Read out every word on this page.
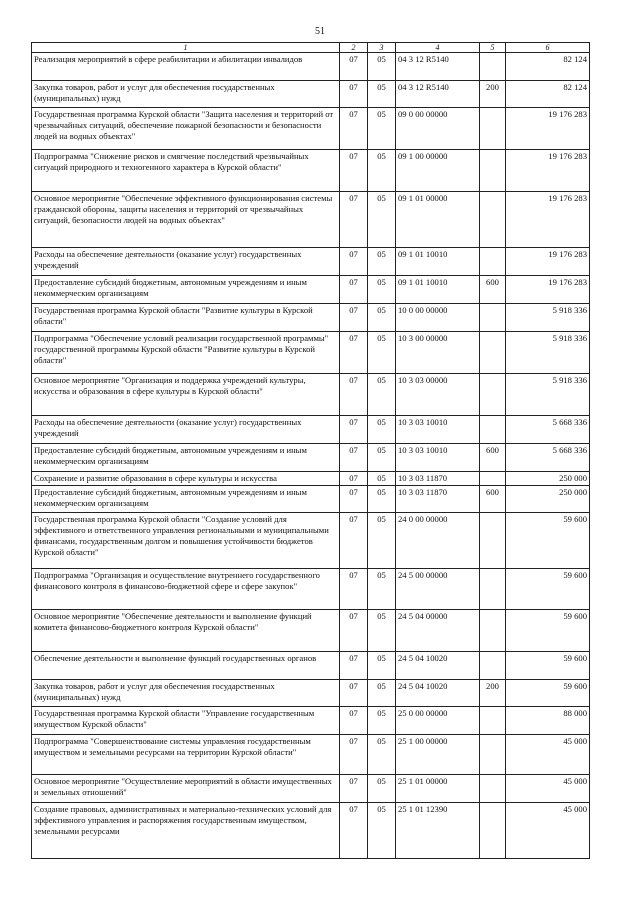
51
1	2	3	4	5	6
Реализация мероприятий в сфере реабилитации и абилитации инвалидов	07	05	04 3 12 R5140		82 124
Закупка товаров, работ и услуг для обеспечения государственных (муниципальных) нужд	07	05	04 3 12 R5140	200	82 124
Государственная программа Курской области "Защита населения и территорий от чрезвычайных ситуаций, обеспечение пожарной безопасности и безопасности людей на водных объектах"	07	05	09 0 00 00000		19 176 283
Подпрограмма "Снижение рисков и смягчение последствий чрезвычайных ситуаций природного и техногенного характера в Курской области"	07	05	09 1 00 00000		19 176 283
Основное мероприятие "Обеспечение эффективного функционирования системы гражданской обороны, защиты населения и территорий от чрезвычайных ситуаций, безопасности людей на водных объектах"	07	05	09 1 01 00000		19 176 283
Расходы на обеспечение деятельности (оказание услуг) государственных учреждений	07	05	09 1 01 10010		19 176 283
Предоставление субсидий бюджетным, автономным учреждениям и иным некоммерческим организациям	07	05	09 1 01 10010	600	19 176 283
Государственная программа Курской области "Развитие культуры в Курской области"	07	05	10 0 00 00000		5 918 336
Подпрограмма "Обеспечение условий реализации государственной программы" государственной программы Курской области "Развитие культуры в Курской области"	07	05	10 3 00 00000		5 918 336
Основное мероприятие "Организация и поддержка учреждений культуры, искусства и образования в сфере культуры в Курской области"	07	05	10 3 03 00000		5 918 336
Расходы на обеспечение деятельности (оказание услуг) государственных учреждений	07	05	10 3 03 10010		5 668 336
Предоставление субсидий бюджетным, автономным учреждениям и иным некоммерческим организациям	07	05	10 3 03 10010	600	5 668 336
Сохранение и развитие образования в сфере культуры и искусства	07	05	10 3 03 11870		250 000
Предоставление субсидий бюджетным, автономным учреждениям и иным некоммерческим организациям	07	05	10 3 03 11870	600	250 000
Государственная программа Курской области "Создание условий для эффективного и ответственного управления региональными и муниципальными финансами, государственным долгом и повышения устойчивости бюджетов Курской области"	07	05	24 0 00 00000		59 600
Подпрограмма "Организация и осуществление внутреннего государственного финансового контроля в финансово-бюджетной сфере и сфере закупок"	07	05	24 5 00 00000		59 600
Основное мероприятие "Обеспечение деятельности и выполнение функций комитета финансово-бюджетного контроля Курской области"	07	05	24 5 04 00000		59 600
Обеспечение деятельности и выполнение функций государственных органов	07	05	24 5 04 10020		59 600
Закупка товаров, работ и услуг для обеспечения государственных (муниципальных) нужд	07	05	24 5 04 10020	200	59 600
Государственная программа Курской области "Управление государственным имуществом Курской области"	07	05	25 0 00 00000		88 000
Подпрограмма "Совершенствование системы управления государственным имуществом и земельными ресурсами на территории Курской области"	07	05	25 1 00 00000		45 000
Основное мероприятие "Осуществление мероприятий в области имущественных и земельных отношений"	07	05	25 1 01 00000		45 000
Создание правовых, административных и материально-технических условий для эффективного управления и распоряжения государственным имуществом, земельными ресурсами	07	05	25 1 01 12390		45 000
